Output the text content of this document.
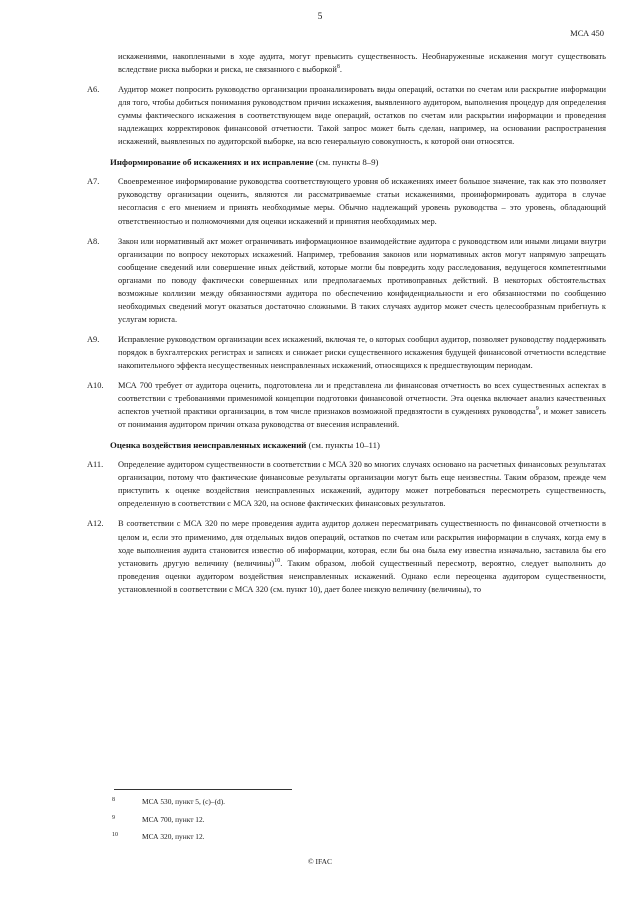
5
МСА 450

искажениями, накопленными в ходе аудита, могут превысить существенность. Необнаруженные искажения могут существовать вследствие риска выборки и риска, не связанного с выборкой$^8$.

A6. Аудитор может попросить руководство организации проанализировать виды операций, остатки по счетам или раскрытие информации для того, чтобы добиться понимания руководством причин искажения, выявленного аудитором, выполнения процедур для определения суммы фактического искажения в соответствующем виде операций, остатков по счетам или раскрытии информации и проведения надлежащих корректировок финансовой отчетности. Такой запрос может быть сделан, например, на основании распространения искажений, выявленных по аудиторской выборке, на всю генеральную совокупность, к которой они относятся.

Информирование об искажениях и их исправление (см. пункты 8–9)

A7. Своевременное информирование руководства соответствующего уровня об искажениях имеет большое значение, так как это позволяет руководству организации оценить, являются ли рассматриваемые статьи искажениями, проинформировать аудитора в случае несогласия с его мнением и принять необходимые меры. Обычно надлежащий уровень руководства – это уровень, обладающий ответственностью и полномочиями для оценки искажений и принятия необходимых мер.

A8. Закон или нормативный акт может ограничивать информационное взаимодействие аудитора с руководством или иными лицами внутри организации по вопросу некоторых искажений. Например, требования законов или нормативных актов могут напрямую запрещать сообщение сведений или совершение иных действий, которые могли бы повредить ходу расследования, ведущегося компетентными органами по поводу фактически совершенных или предполагаемых противоправных действий. В некоторых обстоятельствах возможные коллизии между обязанностями аудитора по обеспечению конфиденциальности и его обязанностями по сообщению необходимых сведений могут оказаться достаточно сложными. В таких случаях аудитор может счесть целесообразным прибегнуть к услугам юриста.

A9. Исправление руководством организации всех искажений, включая те, о которых сообщил аудитор, позволяет руководству поддерживать порядок в бухгалтерских регистрах и записях и снижает риски существенного искажения будущей финансовой отчетности вследствие накопительного эффекта несущественных неисправленных искажений, относящихся к предшествующим периодам.

A10. МСА 700 требует от аудитора оценить, подготовлена ли и представлена ли финансовая отчетность во всех существенных аспектах в соответствии с требованиями применимой концепции подготовки финансовой отчетности. Эта оценка включает анализ качественных аспектов учетной практики организации, в том числе признаков возможной предвзятости в суждениях руководства$^9$, и может зависеть от понимания аудитором причин отказа руководства от внесения исправлений.

Оценка воздействия неисправленных искажений (см. пункты 10–11)

A11. Определение аудитором существенности в соответствии с МСА 320 во многих случаях основано на расчетных финансовых результатах организации, потому что фактические финансовые результаты организации могут быть еще неизвестны. Таким образом, прежде чем приступить к оценке воздействия неисправленных искажений, аудитору может потребоваться пересмотреть существенность, определенную в соответствии с МСА 320, на основе фактических финансовых результатов.

A12. В соответствии с МСА 320 по мере проведения аудита аудитор должен пересматривать существенность по финансовой отчетности в целом и, если это применимо, для отдельных видов операций, остатков по счетам или раскрытия информации в случаях, когда ему в ходе выполнения аудита становится известно об информации, которая, если бы она была ему известна изначально, заставила бы его установить другую величину (величины)$^{10}$. Таким образом, любой существенный пересмотр, вероятно, следует выполнить до проведения оценки аудитором воздействия неисправленных искажений. Однако если переоценка аудитором существенности, установленной в соответствии с МСА 320 (см. пункт 10), дает более низкую величину (величины), то

8	МСА 530, пункт 5, (c)–(d).
9	МСА 700, пункт 12.
10	МСА 320, пункт 12.
© IFAC
